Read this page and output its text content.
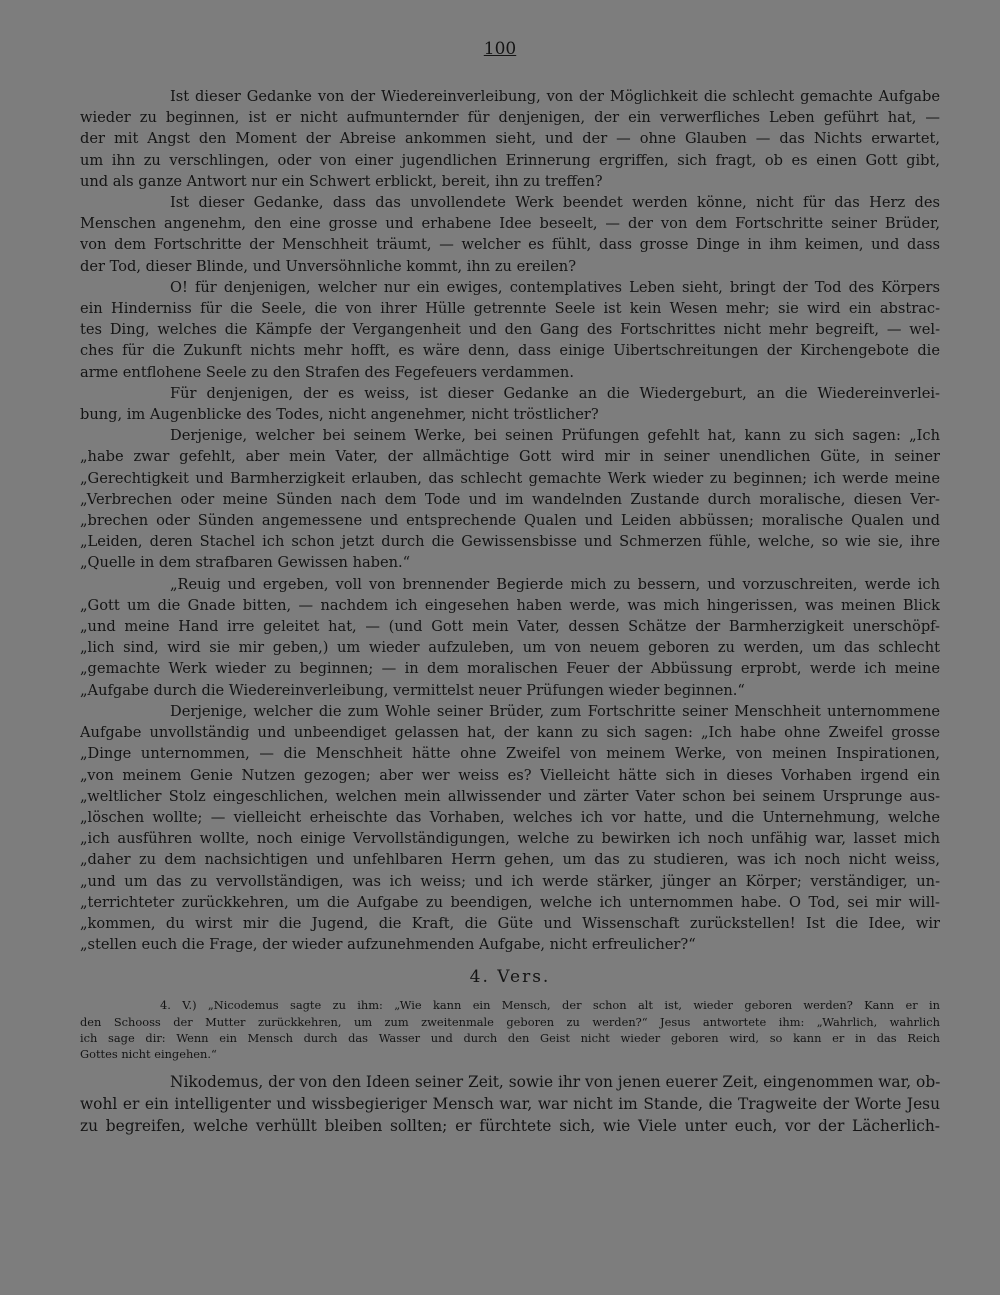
100
Ist dieser Gedanke von der Wiedereinverleibung, von der Möglichkeit die schlecht gemachte Aufgabe
wieder zu beginnen, ist er nicht aufmunternder für denjenigen, der ein verwerfliches Leben geführt hat, —
der mit Angst den Moment der Abreise ankommen sieht, und der — ohne Glauben — das Nichts erwartet,
um ihn zu verschlingen, oder von einer jugendlichen Erinnerung ergriffen, sich fragt, ob es einen Gott gibt,
und als ganze Antwort nur ein Schwert erblickt, bereit, ihn zu treffen?
Ist dieser Gedanke, dass das unvollendete Werk beendet werden könne, nicht für das Herz des
Menschen angenehm, den eine grosse und erhabene Idee beseelt, — der von dem Fortschritte seiner Brüder,
von dem Fortschritte der Menschheit träumt, — welcher es fühlt, dass grosse Dinge in ihm keimen, und dass
der Tod, dieser Blinde, und Unversöhnliche kommt, ihn zu ereilen?
O! für denjenigen, welcher nur ein ewiges, contemplatives Leben sieht, bringt der Tod des Körpers
ein Hinderniss für die Seele, die von ihrer Hülle getrennte Seele ist kein Wesen mehr; sie wird ein abstrac-
tes Ding, welches die Kämpfe der Vergangenheit und den Gang des Fortschrittes nicht mehr begreift, — wel-
ches für die Zukunft nichts mehr hofft, es wäre denn, dass einige Uibertschreitungen der Kirchengebote die
arme entflohene Seele zu den Strafen des Fegefeuers verdammen.
Für denjenigen, der es weiss, ist dieser Gedanke an die Wiedergeburt, an die Wiedereinverlei-
bung, im Augenblicke des Todes, nicht angenehmer, nicht tröstlicher?
Derjenige, welcher bei seinem Werke, bei seinen Prüfungen gefehlt hat, kann zu sich sagen: „Ich
„habe zwar gefehlt, aber mein Vater, der allmächtige Gott wird mir in seiner unendlichen Güte, in seiner
„Gerechtigkeit und Barmherzigkeit erlauben, das schlecht gemachte Werk wieder zu beginnen; ich werde meine
„Verbrechen oder meine Sünden nach dem Tode und im wandelnden Zustande durch moralische, diesen Ver-
„brechen oder Sünden angemessene und entsprechende Qualen und Leiden abbüssen; moralische Qualen und
„Leiden, deren Stachel ich schon jetzt durch die Gewissensbisse und Schmerzen fühle, welche, so wie sie, ihre
„Quelle in dem strafbaren Gewissen haben.“
„Reuig und ergeben, voll von brennender Begierde mich zu bessern, und vorzuschreiten, werde ich
„Gott um die Gnade bitten, — nachdem ich eingesehen haben werde, was mich hingerissen, was meinen Blick
„und meine Hand irre geleitet hat, — (und Gott mein Vater, dessen Schätze der Barmherzigkeit unerschöpf-
„lich sind, wird sie mir geben,) um wieder aufzuleben, um von neuem geboren zu werden, um das schlecht
„gemachte Werk wieder zu beginnen; — in dem moralischen Feuer der Abbüssung erprobt, werde ich meine
„Aufgabe durch die Wiedereinverleibung, vermittelst neuer Prüfungen wieder beginnen.“
Derjenige, welcher die zum Wohle seiner Brüder, zum Fortschritte seiner Menschheit unternommene
Aufgabe unvollständig und unbeendiget gelassen hat, der kann zu sich sagen: „Ich habe ohne Zweifel grosse
„Dinge unternommen, — die Menschheit hätte ohne Zweifel von meinem Werke, von meinen Inspirationen,
„von meinem Genie Nutzen gezogen; aber wer weiss es? Vielleicht hätte sich in dieses Vorhaben irgend ein
„weltlicher Stolz eingeschlichen, welchen mein allwissender und zärter Vater schon bei seinem Ursprunge aus-
„löschen wollte; — vielleicht erheischte das Vorhaben, welches ich vor hatte, und die Unternehmung, welche
„ich ausführen wollte, noch einige Vervollständigungen, welche zu bewirken ich noch unfähig war, lasset mich
„daher zu dem nachsichtigen und unfehlbaren Herrn gehen, um das zu studieren, was ich noch nicht weiss,
„und um das zu vervollständigen, was ich weiss; und ich werde stärker, jünger an Körper; verständiger, un-
„terrichteter zurückkehren, um die Aufgabe zu beendigen, welche ich unternommen habe. O Tod, sei mir will-
„kommen, du wirst mir die Jugend, die Kraft, die Güte und Wissenschaft zurückstellen! Ist die Idee, wir
„stellen euch die Frage, der wieder aufzunehmenden Aufgabe, nicht erfreulicher?“
4. Vers.
4. V.) „Nicodemus sagte zu ihm: „Wie kann ein Mensch, der schon alt ist, wieder geboren werden? Kann er in
den Schooss der Mutter zurückkehren, um zum zweitenmale geboren zu werden?“ Jesus antwortete ihm: „Wahrlich, wahrlich
ich sage dir: Wenn ein Mensch durch das Wasser und durch den Geist nicht wieder geboren wird, so kann er in das Reich
Gottes nicht eingehen.“
Nikodemus, der von den Ideen seiner Zeit, sowie ihr von jenen euerer Zeit, eingenommen war, ob-
wohl er ein intelligenter und wissbegieriger Mensch war, war nicht im Stande, die Tragweite der Worte Jesu
zu begreifen, welche verhüllt bleiben sollten; er fürchtete sich, wie Viele unter euch, vor der Lächerlich-
